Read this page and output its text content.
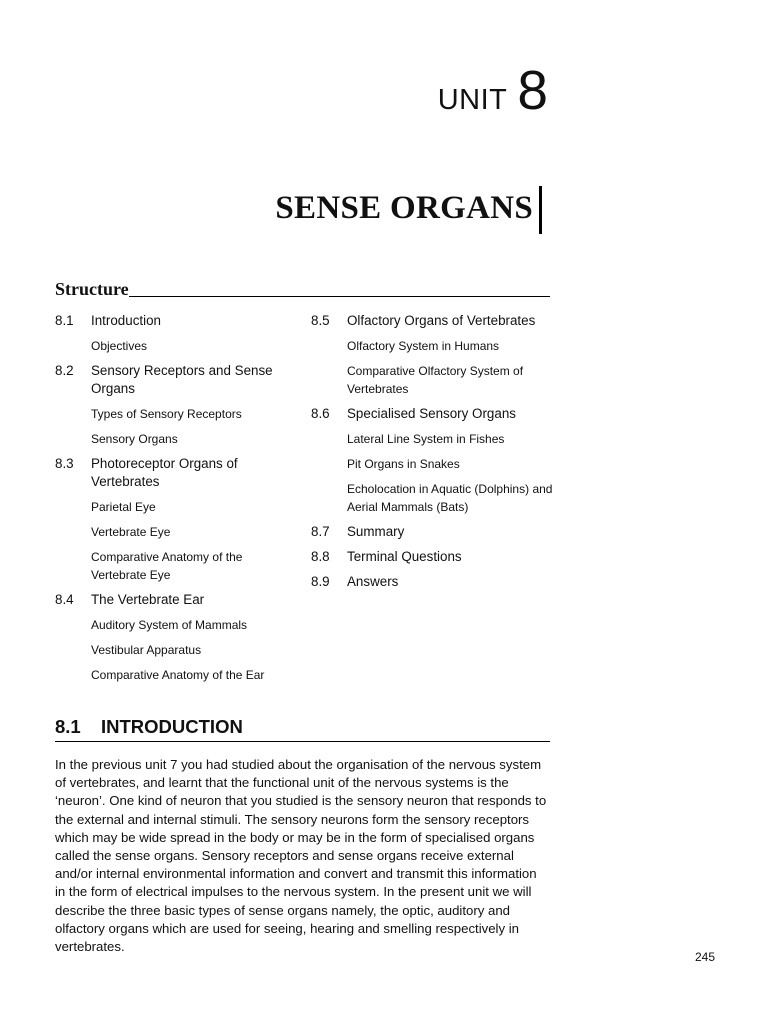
UNIT 8
SENSE ORGANS
Structure
8.1	Introduction
Objectives
8.2	Sensory Receptors and Sense Organs
Types of Sensory Receptors
Sensory Organs
8.3	Photoreceptor Organs of Vertebrates
Parietal Eye
Vertebrate Eye
Comparative Anatomy of the Vertebrate Eye
8.4	The Vertebrate Ear
Auditory System of Mammals
Vestibular Apparatus
Comparative Anatomy of the Ear
8.5	Olfactory Organs of Vertebrates
Olfactory System in Humans
Comparative Olfactory System of Vertebrates
8.6	Specialised Sensory Organs
Lateral Line System in Fishes
Pit Organs in Snakes
Echolocation in Aquatic (Dolphins) and Aerial Mammals (Bats)
8.7	Summary
8.8	Terminal Questions
8.9	Answers
8.1	INTRODUCTION
In the previous unit 7 you had studied about the organisation of the nervous system of vertebrates, and learnt that the functional unit of the nervous systems is the ‘neuron’. One kind of neuron that you studied is the sensory neuron that responds to the external and internal stimuli. The sensory neurons form the sensory receptors which may be wide spread in the body or may be in the form of specialised organs called the sense organs. Sensory receptors and sense organs receive external and/or internal environmental information and convert and transmit this information in the form of electrical impulses to the nervous system. In the present unit we will describe the three basic types of sense organs namely, the optic, auditory and olfactory organs which are used for seeing, hearing and smelling respectively in vertebrates.
245
